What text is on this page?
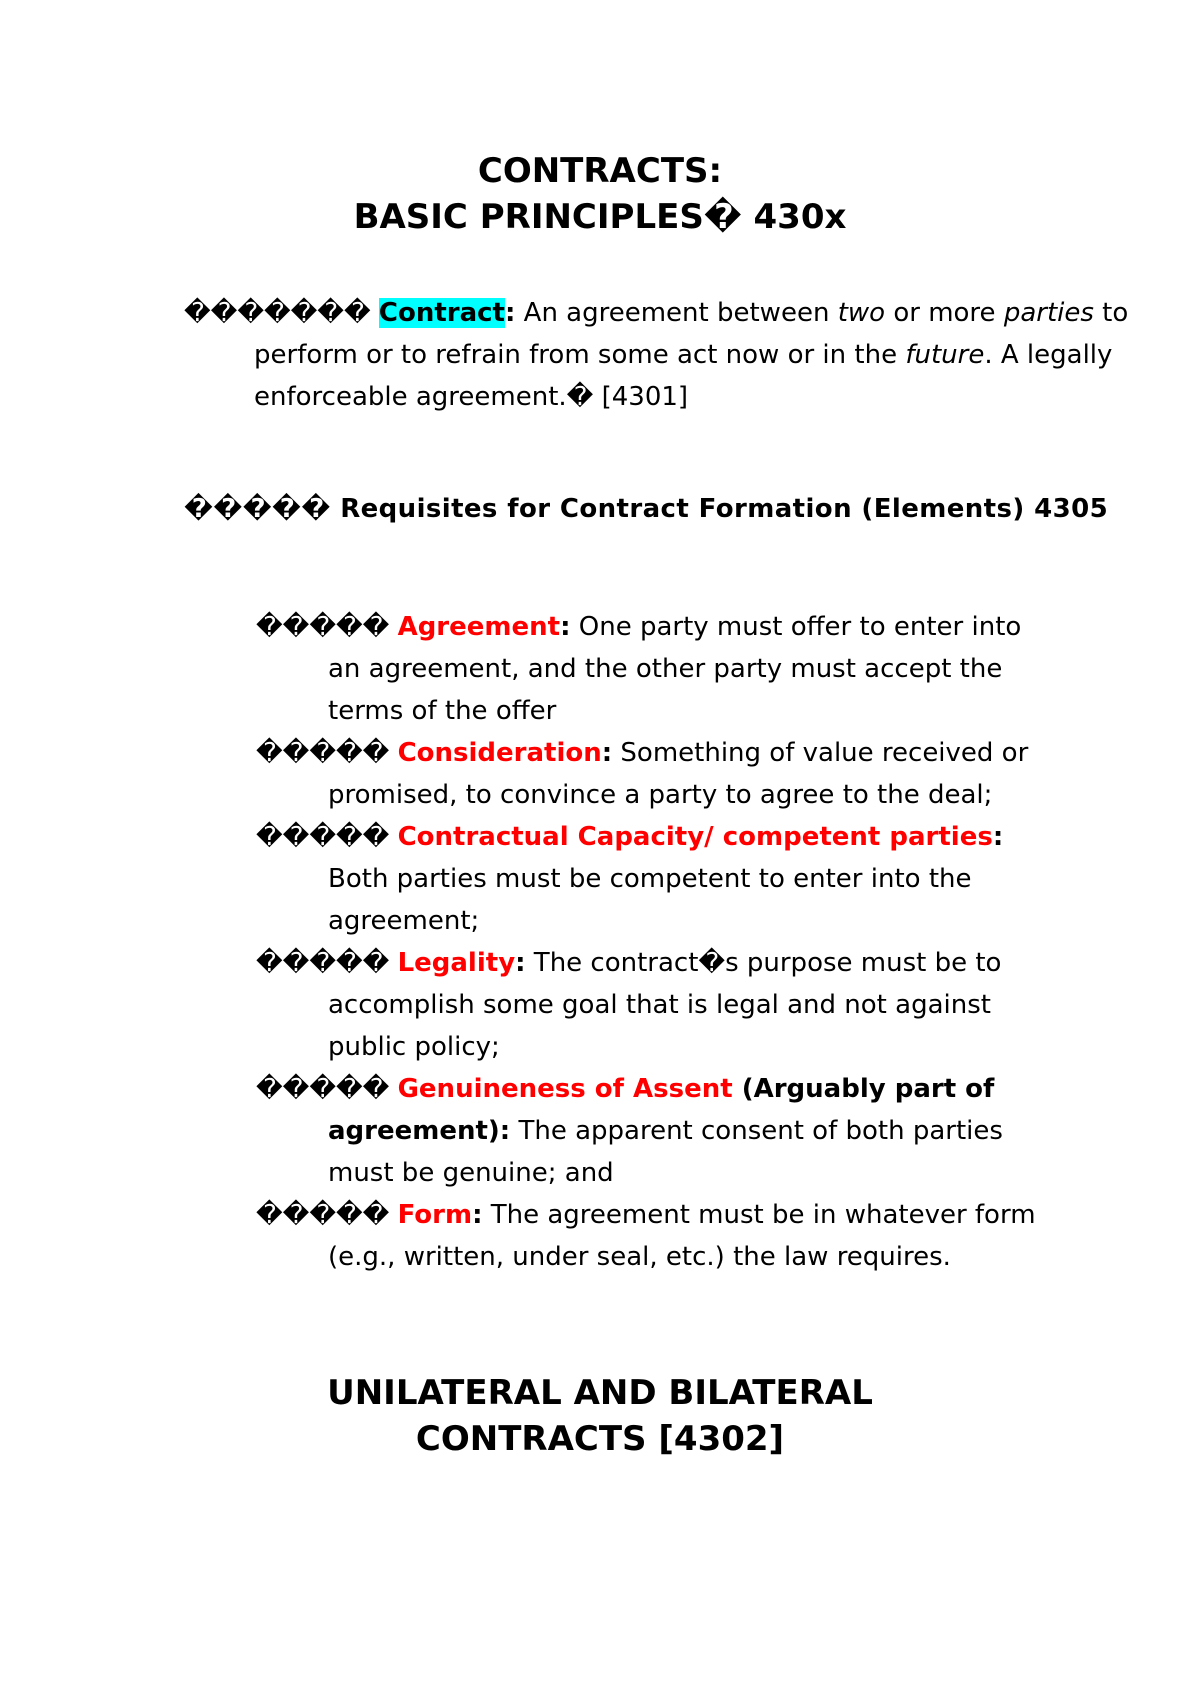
CONTRACTS:
BASIC PRINCIPLES� 430x
������� Contract: An agreement between two or more parties to perform or to refrain from some act now or in the future. A legally enforceable agreement.� [4301]
����� Requisites for Contract Formation (Elements) 4305
����� Agreement: One party must offer to enter into an agreement, and the other party must accept the terms of the offer
����� Consideration: Something of value received or promised, to convince a party to agree to the deal;
����� Contractual Capacity/ competent parties: Both parties must be competent to enter into the agreement;
����� Legality: The contract�s purpose must be to accomplish some goal that is legal and not against public policy;
����� Genuineness of Assent (Arguably part of agreement): The apparent consent of both parties must be genuine; and
����� Form: The agreement must be in whatever form (e.g., written, under seal, etc.) the law requires.
UNILATERAL AND BILATERAL
CONTRACTS [4302]
